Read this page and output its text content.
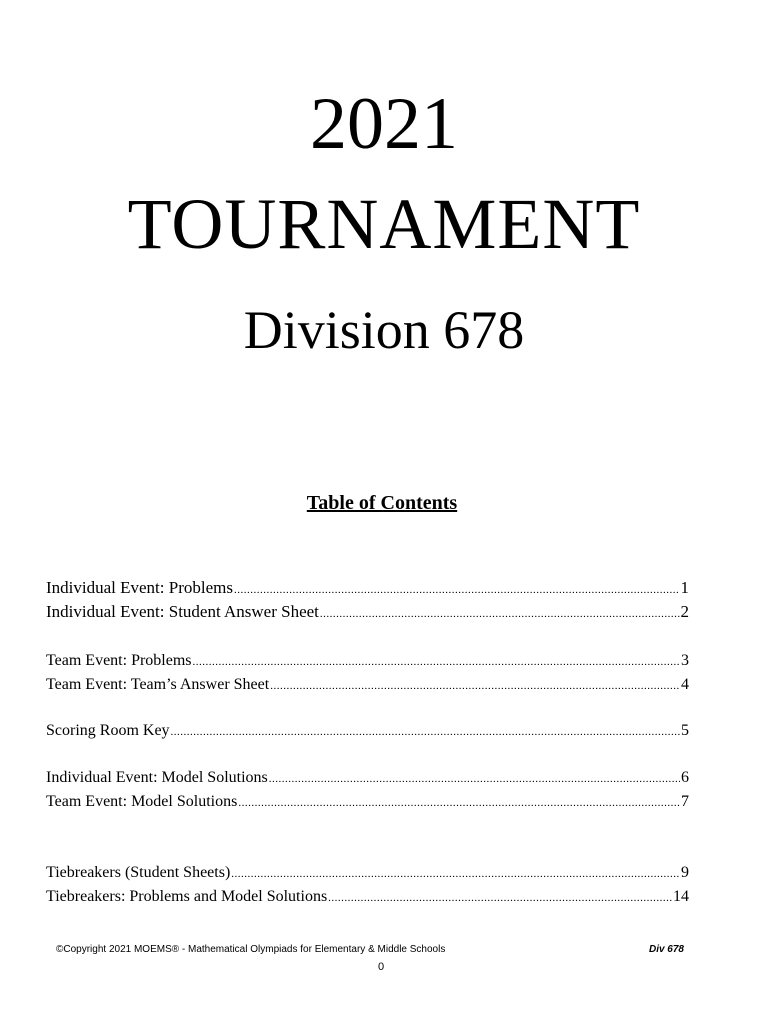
2021
TOURNAMENT
Division 678
Table of Contents
Individual Event: Problems .....	1
Individual Event: Student Answer Sheet .....	2
Team Event: Problems .....	3
Team Event: Team’s Answer Sheet .....	4
Scoring Room Key .....	5
Individual Event: Model Solutions .....	6
Team Event: Model Solutions .....	7
Tiebreakers (Student Sheets) .....	9
Tiebreakers: Problems and Model Solutions .....	14
©Copyright 2021 MOEMS® - Mathematical Olympiads for Elementary & Middle Schools	Div 678
0
